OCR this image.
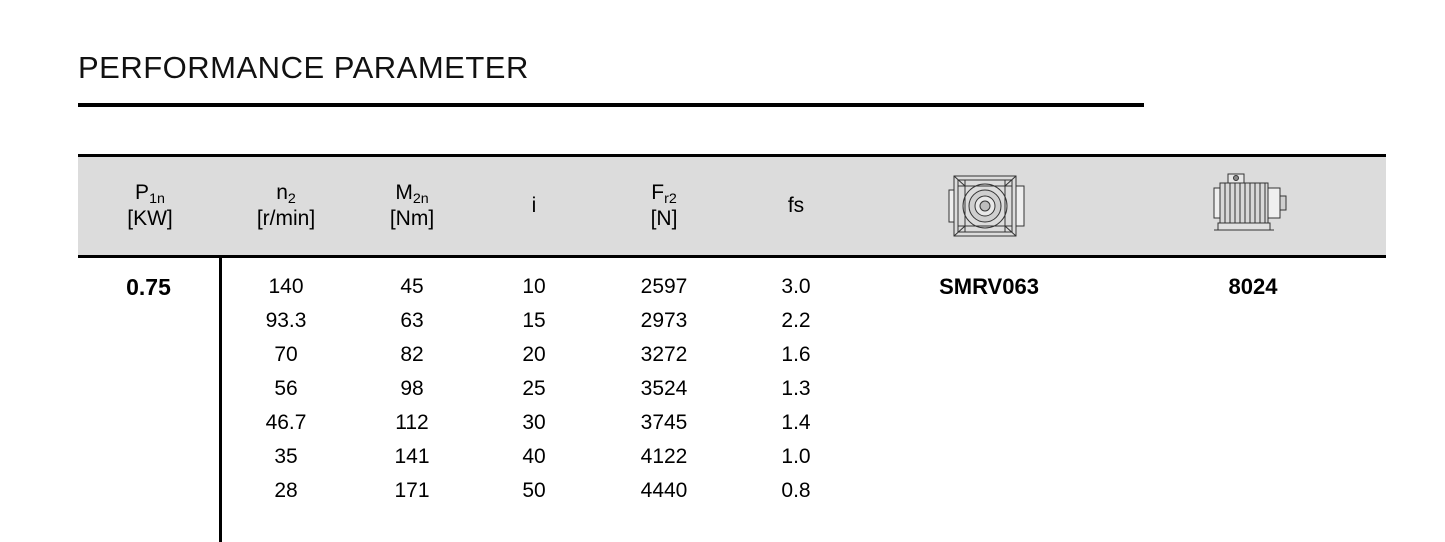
PERFORMANCE PARAMETER
$P_{1n}$
[KW]
$n_2$
[r/min]
$M_{2n}$
[Nm]
i
$F_{r2}$
[N]
fs
0.75	140
93.3
70
56
46.7
35
28
45
63
82
98
112
141
171
10
15
20
25
30
40
50
2597
2973
3272
3524
3745
4122
4440
3.0
2.2
1.6
1.3
1.4
1.0
0.8
SMRV063	8024
